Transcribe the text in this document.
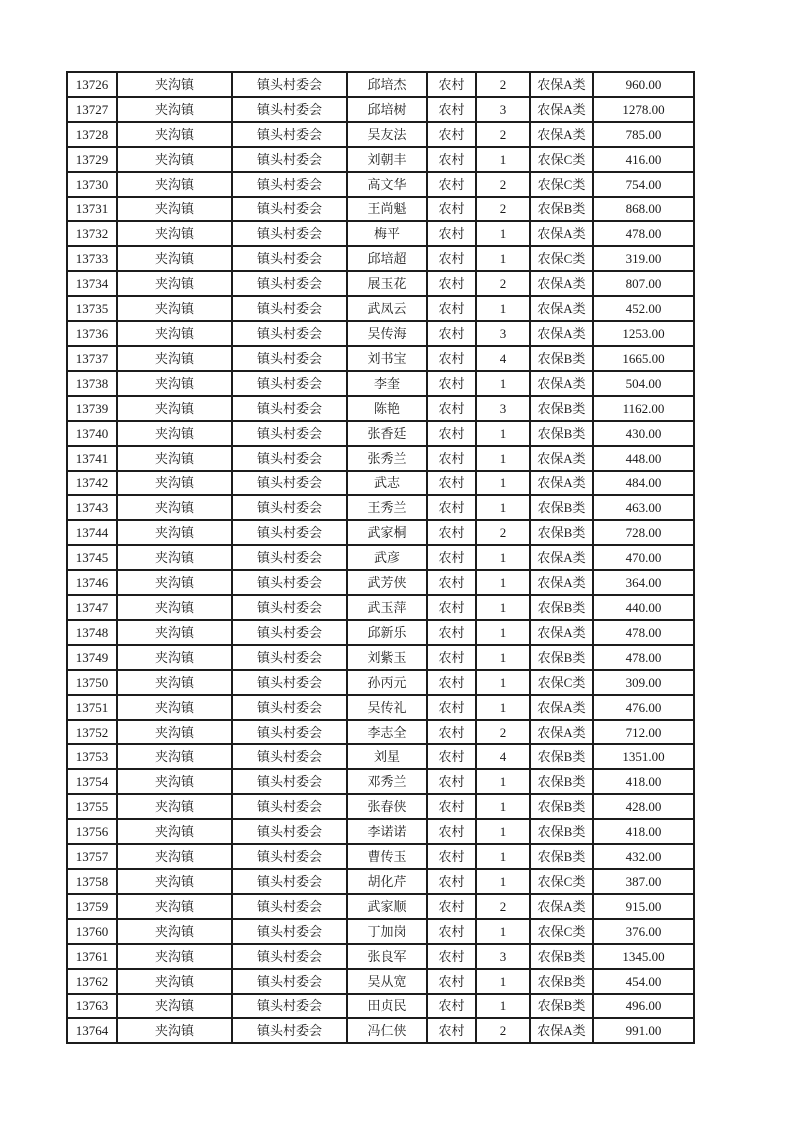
13726	夹沟镇	镇头村委会	邱培杰	农村	2	农保A类	960.00
13727	夹沟镇	镇头村委会	邱培树	农村	3	农保A类	1278.00
13728	夹沟镇	镇头村委会	吴友法	农村	2	农保A类	785.00
13729	夹沟镇	镇头村委会	刘朝丰	农村	1	农保C类	416.00
13730	夹沟镇	镇头村委会	高文华	农村	2	农保C类	754.00
13731	夹沟镇	镇头村委会	王尚魁	农村	2	农保B类	868.00
13732	夹沟镇	镇头村委会	梅平	农村	1	农保A类	478.00
13733	夹沟镇	镇头村委会	邱培超	农村	1	农保C类	319.00
13734	夹沟镇	镇头村委会	展玉花	农村	2	农保A类	807.00
13735	夹沟镇	镇头村委会	武凤云	农村	1	农保A类	452.00
13736	夹沟镇	镇头村委会	吴传海	农村	3	农保A类	1253.00
13737	夹沟镇	镇头村委会	刘书宝	农村	4	农保B类	1665.00
13738	夹沟镇	镇头村委会	李奎	农村	1	农保A类	504.00
13739	夹沟镇	镇头村委会	陈艳	农村	3	农保B类	1162.00
13740	夹沟镇	镇头村委会	张香廷	农村	1	农保B类	430.00
13741	夹沟镇	镇头村委会	张秀兰	农村	1	农保A类	448.00
13742	夹沟镇	镇头村委会	武志	农村	1	农保A类	484.00
13743	夹沟镇	镇头村委会	王秀兰	农村	1	农保B类	463.00
13744	夹沟镇	镇头村委会	武家桐	农村	2	农保B类	728.00
13745	夹沟镇	镇头村委会	武彦	农村	1	农保A类	470.00
13746	夹沟镇	镇头村委会	武芳侠	农村	1	农保A类	364.00
13747	夹沟镇	镇头村委会	武玉萍	农村	1	农保B类	440.00
13748	夹沟镇	镇头村委会	邱新乐	农村	1	农保A类	478.00
13749	夹沟镇	镇头村委会	刘紫玉	农村	1	农保B类	478.00
13750	夹沟镇	镇头村委会	孙丙元	农村	1	农保C类	309.00
13751	夹沟镇	镇头村委会	吴传礼	农村	1	农保A类	476.00
13752	夹沟镇	镇头村委会	李志全	农村	2	农保A类	712.00
13753	夹沟镇	镇头村委会	刘星	农村	4	农保B类	1351.00
13754	夹沟镇	镇头村委会	邓秀兰	农村	1	农保B类	418.00
13755	夹沟镇	镇头村委会	张春侠	农村	1	农保B类	428.00
13756	夹沟镇	镇头村委会	李诺诺	农村	1	农保B类	418.00
13757	夹沟镇	镇头村委会	曹传玉	农村	1	农保B类	432.00
13758	夹沟镇	镇头村委会	胡化芹	农村	1	农保C类	387.00
13759	夹沟镇	镇头村委会	武家顺	农村	2	农保A类	915.00
13760	夹沟镇	镇头村委会	丁加岗	农村	1	农保C类	376.00
13761	夹沟镇	镇头村委会	张良军	农村	3	农保B类	1345.00
13762	夹沟镇	镇头村委会	吴从宽	农村	1	农保B类	454.00
13763	夹沟镇	镇头村委会	田贞民	农村	1	农保B类	496.00
13764	夹沟镇	镇头村委会	冯仁侠	农村	2	农保A类	991.00
